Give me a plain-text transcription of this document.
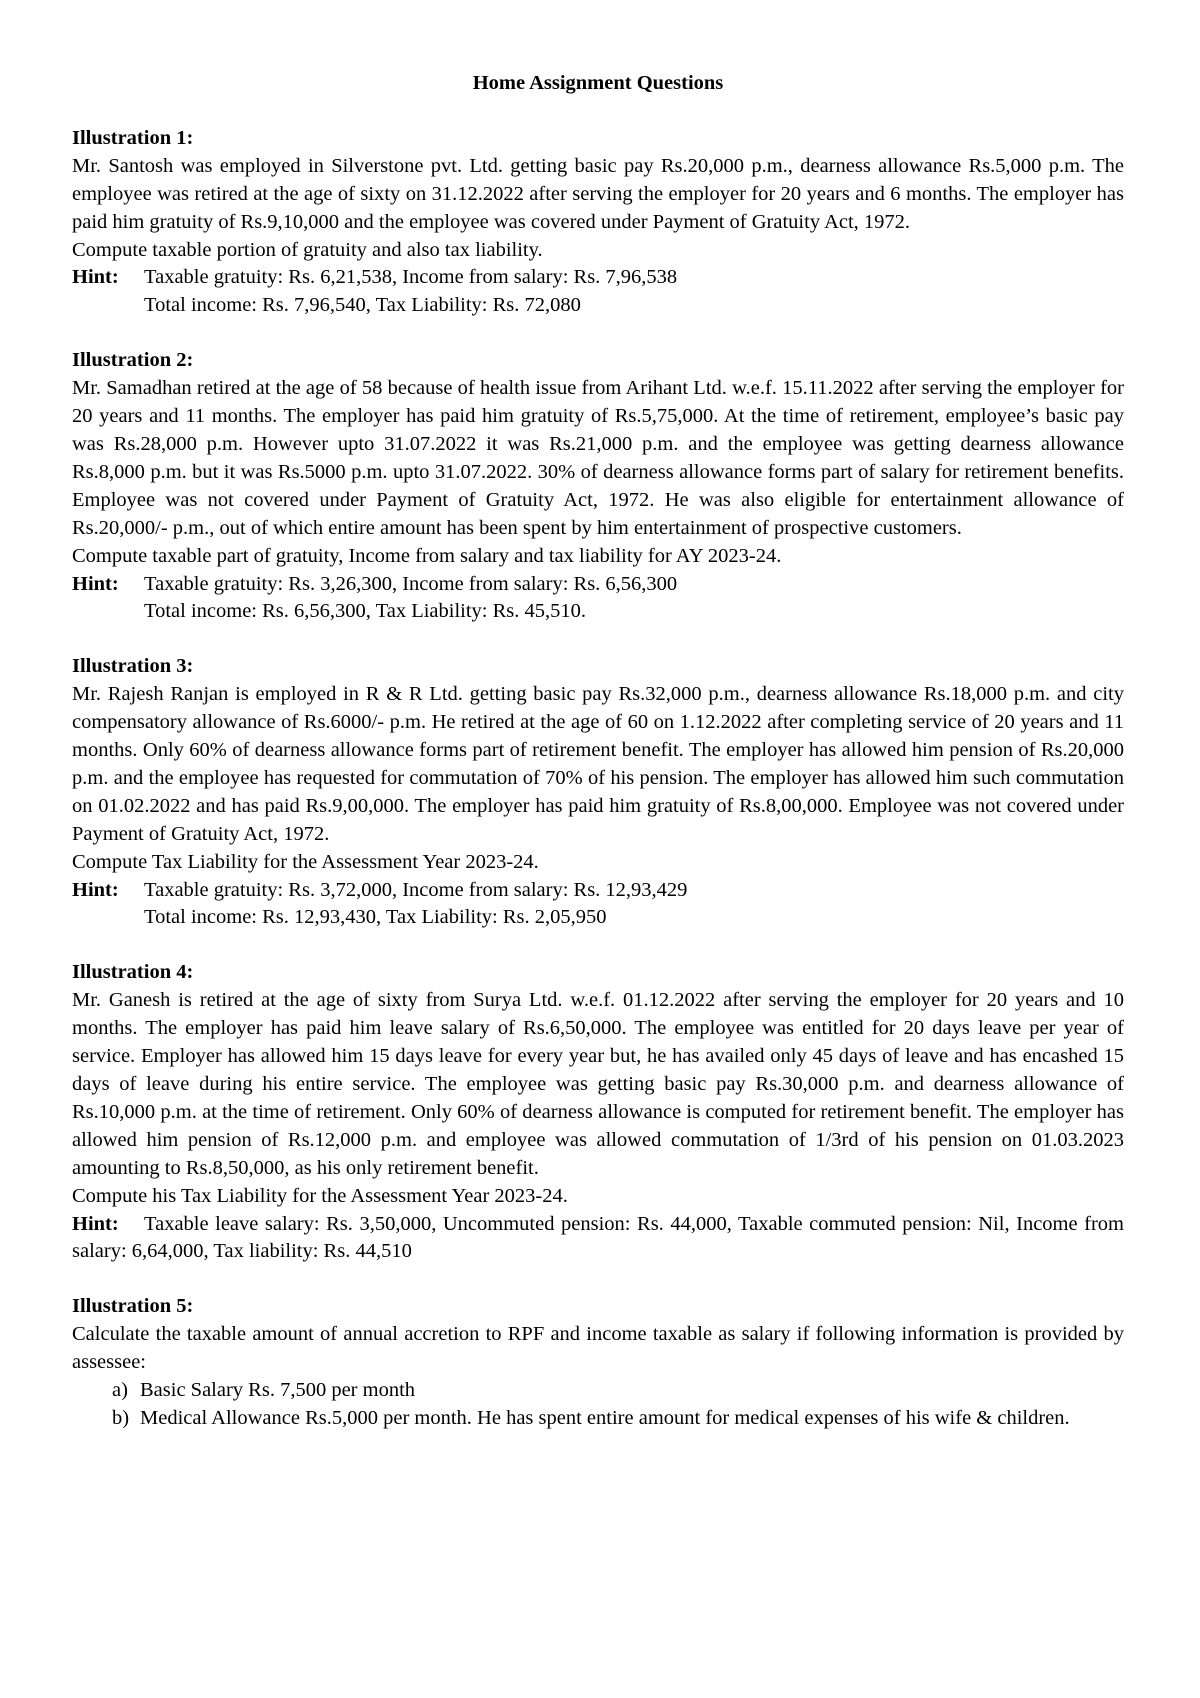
Home Assignment Questions
Illustration 1:

Mr. Santosh was employed in Silverstone pvt. Ltd. getting basic pay Rs.20,000 p.m., dearness allowance Rs.5,000 p.m. The employee was retired at the age of sixty on 31.12.2022 after serving the employer for 20 years and 6 months. The employer has paid him gratuity of Rs.9,10,000 and the employee was covered under Payment of Gratuity Act, 1972.

Compute taxable portion of gratuity and also tax liability.

Hint:	Taxable gratuity: Rs. 6,21,538, Income from salary: Rs. 7,96,538
Total income: Rs. 7,96,540, Tax Liability: Rs. 72,080
Illustration 2:

Mr. Samadhan retired at the age of 58 because of health issue from Arihant Ltd. w.e.f. 15.11.2022 after serving the employer for 20 years and 11 months. The employer has paid him gratuity of Rs.5,75,000. At the time of retirement, employee’s basic pay was Rs.28,000 p.m. However upto 31.07.2022 it was Rs.21,000 p.m. and the employee was getting dearness allowance Rs.8,000 p.m. but it was Rs.5000 p.m. upto 31.07.2022. 30% of dearness allowance forms part of salary for retirement benefits. Employee was not covered under Payment of Gratuity Act, 1972. He was also eligible for entertainment allowance of Rs.20,000/- p.m., out of which entire amount has been spent by him entertainment of prospective customers.

Compute taxable part of gratuity, Income from salary and tax liability for AY 2023-24.

Hint:	Taxable gratuity: Rs. 3,26,300, Income from salary: Rs. 6,56,300
Total income: Rs. 6,56,300, Tax Liability: Rs. 45,510.
Illustration 3:

Mr. Rajesh Ranjan is employed in R & R Ltd. getting basic pay Rs.32,000 p.m., dearness allowance Rs.18,000 p.m. and city compensatory allowance of Rs.6000/- p.m. He retired at the age of 60 on 1.12.2022 after completing service of 20 years and 11 months. Only 60% of dearness allowance forms part of retirement benefit. The employer has allowed him pension of Rs.20,000 p.m. and the employee has requested for commutation of 70% of his pension. The employer has allowed him such commutation on 01.02.2022 and has paid Rs.9,00,000. The employer has paid him gratuity of Rs.8,00,000. Employee was not covered under Payment of Gratuity Act, 1972.

Compute Tax Liability for the Assessment Year 2023-24.

Hint:	Taxable gratuity: Rs. 3,72,000, Income from salary: Rs. 12,93,429
Total income: Rs. 12,93,430, Tax Liability: Rs. 2,05,950
Illustration 4:

Mr. Ganesh is retired at the age of sixty from Surya Ltd. w.e.f. 01.12.2022 after serving the employer for 20 years and 10 months. The employer has paid him leave salary of Rs.6,50,000. The employee was entitled for 20 days leave per year of service. Employer has allowed him 15 days leave for every year but, he has availed only 45 days of leave and has encashed 15 days of leave during his entire service. The employee was getting basic pay Rs.30,000 p.m. and dearness allowance of Rs.10,000 p.m. at the time of retirement. Only 60% of dearness allowance is computed for retirement benefit. The employer has allowed him pension of Rs.12,000 p.m. and employee was allowed commutation of 1/3rd of his pension on 01.03.2023 amounting to Rs.8,50,000, as his only retirement benefit.

Compute his Tax Liability for the Assessment Year 2023-24.

Hint: Taxable leave salary: Rs. 3,50,000, Uncommuted pension: Rs. 44,000, Taxable commuted pension: Nil, Income from salary: 6,64,000, Tax liability: Rs. 44,510

Illustration 5:

Calculate the taxable amount of annual accretion to RPF and income taxable as salary if following information is provided by assessee:

a) Basic Salary Rs. 7,500 per month
b) Medical Allowance Rs.5,000 per month. He has spent entire amount for medical expenses of his wife & children.
